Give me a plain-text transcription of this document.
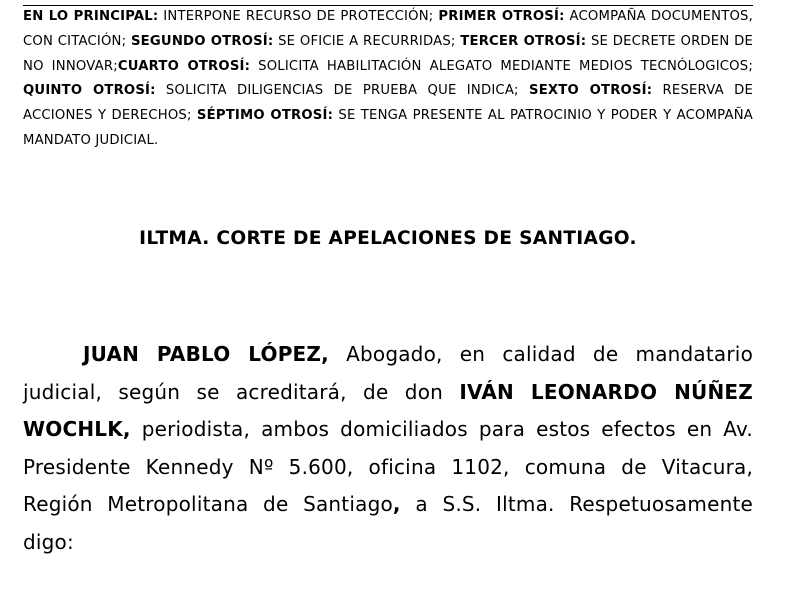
EN LO PRINCIPAL: INTERPONE RECURSO DE PROTECCIÓN; PRIMER OTROSÍ: ACOMPAÑA DOCUMENTOS, CON CITACIÓN; SEGUNDO OTROSÍ: SE OFICIE A RECURRIDAS; TERCER OTROSÍ: SE DECRETE ORDEN DE NO INNOVAR;CUARTO OTROSÍ: SOLICITA HABILITACIÓN ALEGATO MEDIANTE MEDIOS TECNÓLOGICOS; QUINTO OTROSÍ: SOLICITA DILIGENCIAS DE PRUEBA QUE INDICA; SEXTO OTROSÍ: RESERVA DE ACCIONES Y DERECHOS; SÉPTIMO OTROSÍ: SE TENGA PRESENTE AL PATROCINIO Y PODER Y ACOMPAÑA MANDATO JUDICIAL.
ILTMA. CORTE DE APELACIONES DE SANTIAGO.
JUAN PABLO LÓPEZ, Abogado, en calidad de mandatario judicial, según se acreditará, de don IVÁN LEONARDO NÚÑEZ WOCHLK, periodista, ambos domiciliados para estos efectos en Av. Presidente Kennedy Nº 5.600, oficina 1102, comuna de Vitacura, Región Metropolitana de Santiago, a S.S. Iltma. Respetuosamente digo:
